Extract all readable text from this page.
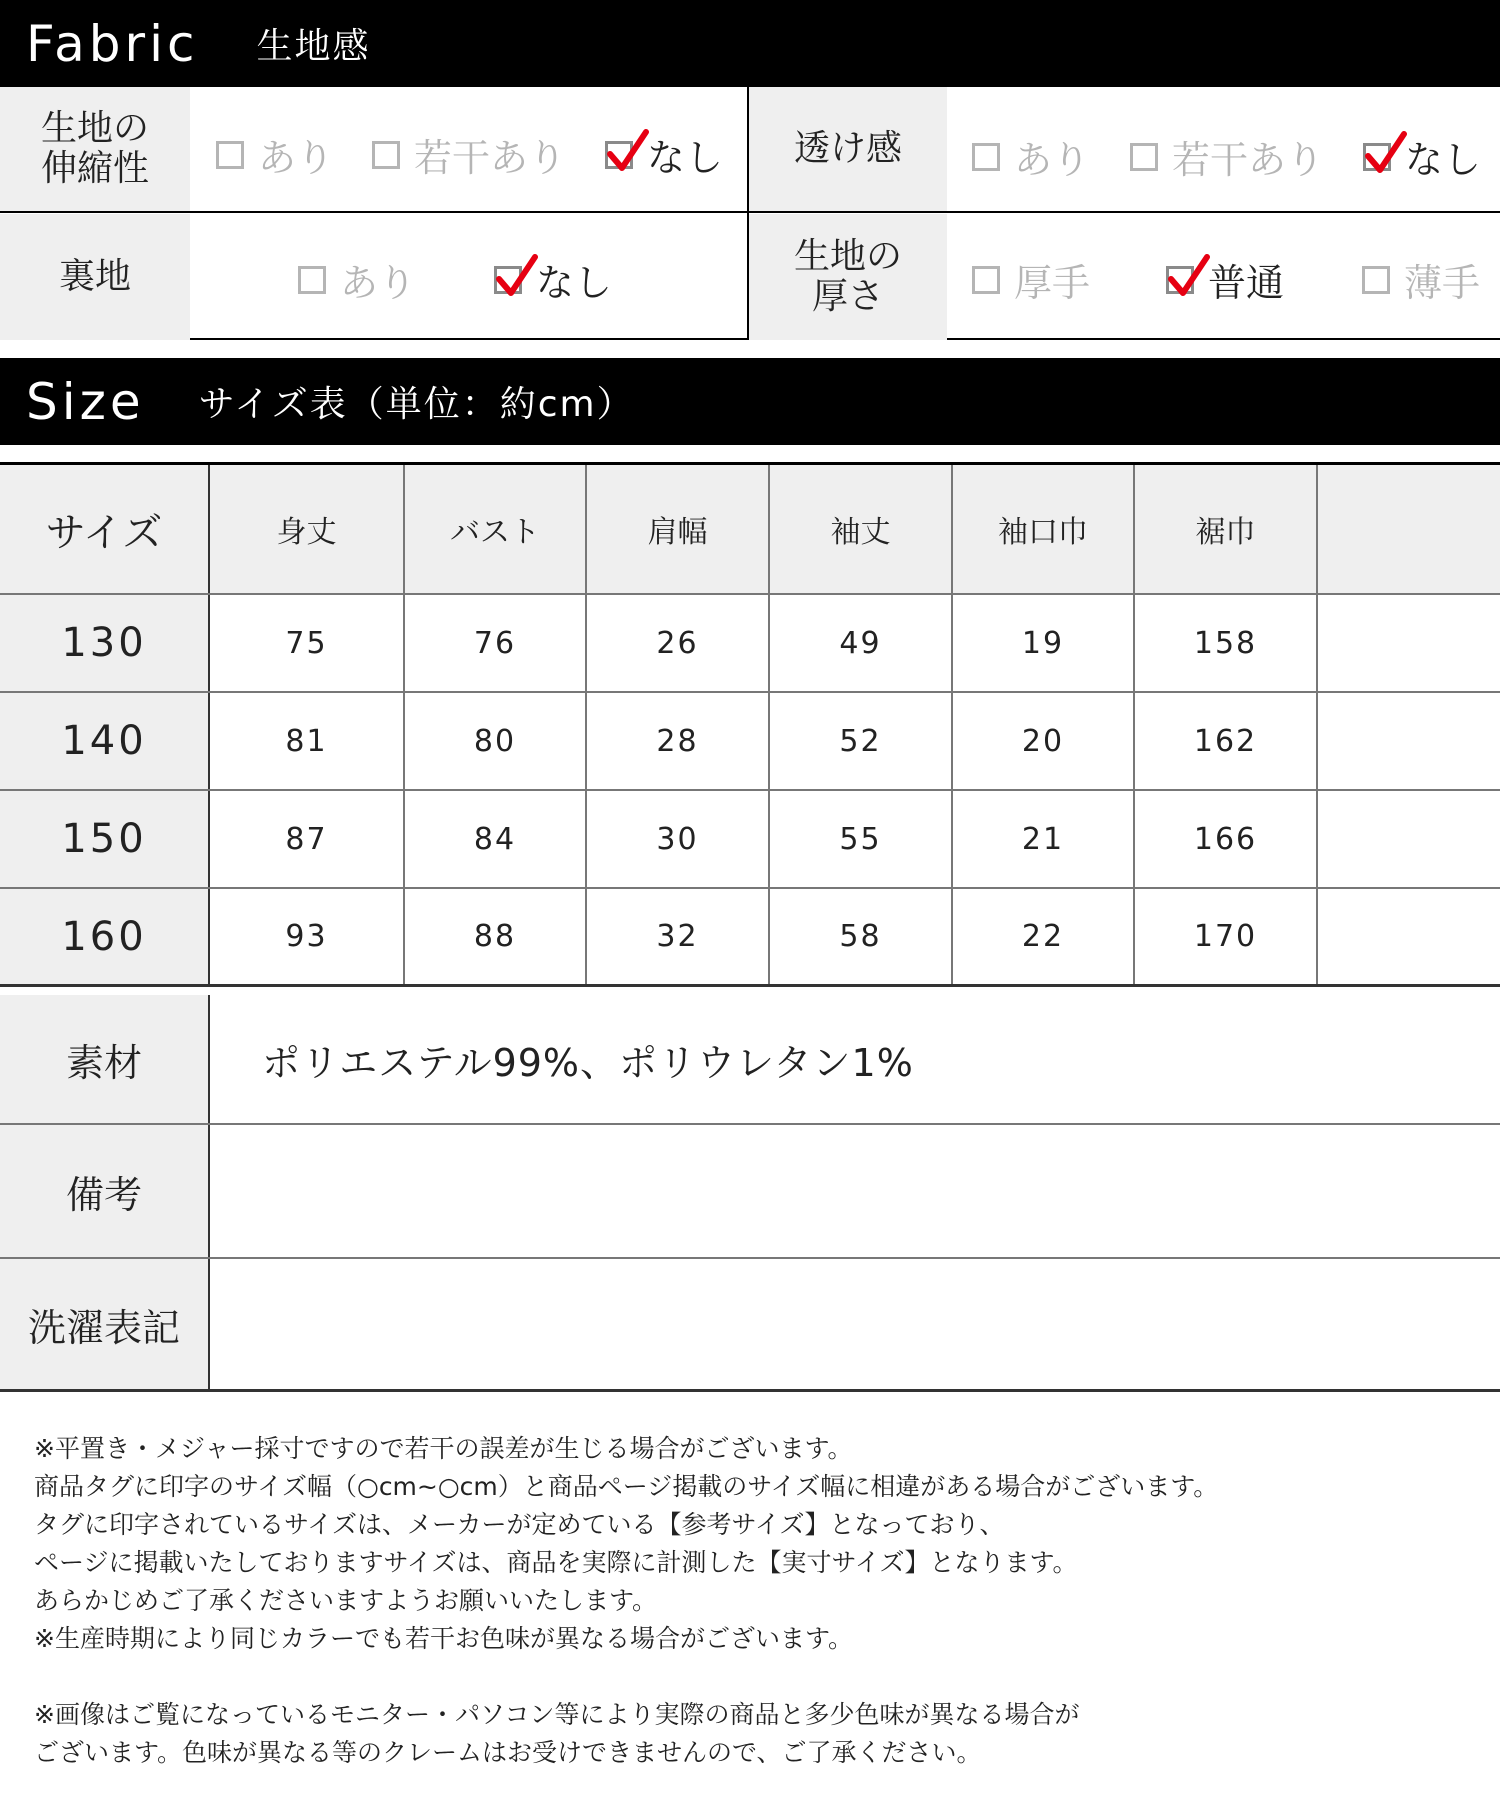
Fabric 生地感
生地の
伸縮性	あり 若干あり なし 透け感	あり 若干あり なし
裏地	あり	なし
生地の
厚さ	厚手	普通	薄手
Size サイズ表（単位：約cm）
サイズ	身丈	バスト	肩幅	袖丈	袖口巾	裾巾
130	75	76	26	49	19	158
140	81	80	28	52	20	162
150	87	84	30	55	21	166
160	93	88	32	58	22	170
素材	ポリエステル99%、ポリウレタン1%
備考
洗濯表記
※平置き・メジャー採寸ですので若干の誤差が生じる場合がございます。
商品タグに印字のサイズ幅（○cm~○cm）と商品ページ掲載のサイズ幅に相違がある場合がございます。
タグに印字されているサイズは、メーカーが定めている【参考サイズ】となっており、
ページに掲載いたしておりますサイズは、商品を実際に計測した【実寸サイズ】となります。
あらかじめご了承くださいますようお願いいたします。
※生産時期により同じカラーでも若干お色味が異なる場合がございます。
※画像はご覧になっているモニター・パソコン等により実際の商品と多少色味が異なる場合が
ございます。色味が異なる等のクレームはお受けできませんので、ご了承ください。
